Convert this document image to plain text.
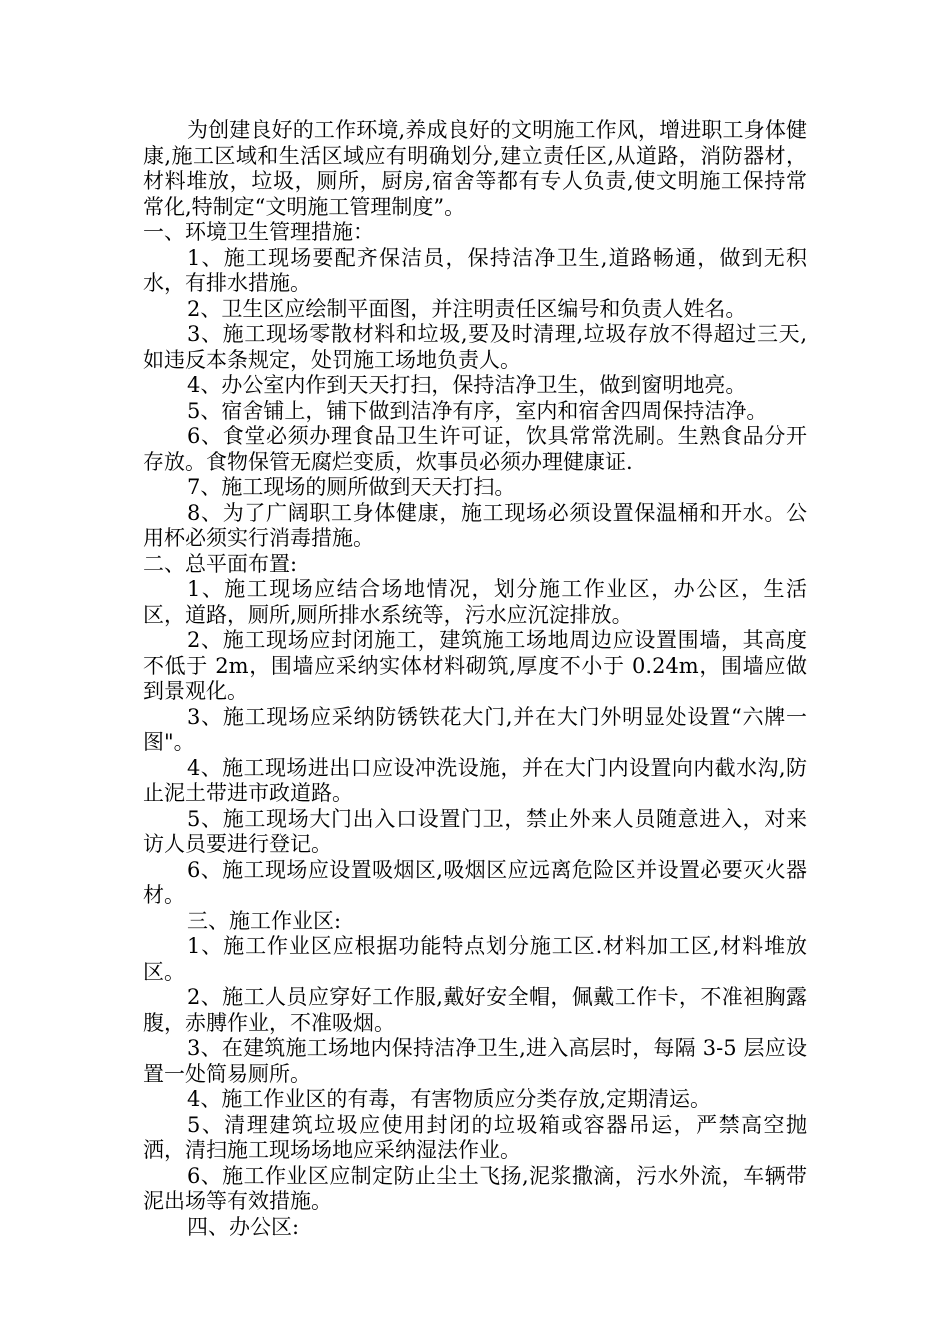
为创建良好的工作环境,养成良好的文明施工作风，增进职工身体健康,施工区域和生活区域应有明确划分,建立责任区,从道路，消防器材，材料堆放，垃圾，厕所，厨房,宿舍等都有专人负责,使文明施工保持常常化,特制定“文明施工管理制度”。

一、环境卫生管理措施：

1、施工现场要配齐保洁员，保持洁净卫生,道路畅通，做到无积水，有排水措施。

2、卫生区应绘制平面图，并注明责任区编号和负责人姓名。

3、施工现场零散材料和垃圾,要及时清理,垃圾存放不得超过三天,如违反本条规定，处罚施工场地负责人。

4、办公室内作到天天打扫，保持洁净卫生，做到窗明地亮。

5、宿舍铺上，铺下做到洁净有序，室内和宿舍四周保持洁净。

6、食堂必须办理食品卫生许可证，饮具常常洗刷。生熟食品分开存放。食物保管无腐烂变质，炊事员必须办理健康证.

7、施工现场的厕所做到天天打扫。

8、为了广阔职工身体健康，施工现场必须设置保温桶和开水。公用杯必须实行消毒措施。

二、总平面布置:

1、施工现场应结合场地情况，划分施工作业区，办公区，生活区，道路，厕所,厕所排水系统等，污水应沉淀排放。

2、施工现场应封闭施工，建筑施工场地周边应设置围墙，其高度不低于 2m，围墙应采纳实体材料砌筑,厚度不小于 0.24m，围墙应做到景观化。

3、施工现场应采纳防锈铁花大门,并在大门外明显处设置“六牌一图"。

4、施工现场进出口应设冲洗设施，并在大门内设置向内截水沟,防止泥土带进市政道路。

5、施工现场大门出入口设置门卫，禁止外来人员随意进入，对来访人员要进行登记。

6、施工现场应设置吸烟区,吸烟区应远离危险区并设置必要灭火器材。

三、施工作业区:

1、施工作业区应根据功能特点划分施工区.材料加工区,材料堆放区。

2、施工人员应穿好工作服,戴好安全帽，佩戴工作卡，不准袒胸露腹，赤膊作业，不准吸烟。

3、在建筑施工场地内保持洁净卫生,进入高层时，每隔 3-5 层应设置一处简易厕所。

4、施工作业区的有毒，有害物质应分类存放,定期清运。

5、清理建筑垃圾应使用封闭的垃圾箱或容器吊运，严禁高空抛洒，清扫施工现场场地应采纳湿法作业。

6、施工作业区应制定防止尘土飞扬,泥浆撒滴，污水外流，车辆带泥出场等有效措施。

四、办公区:
